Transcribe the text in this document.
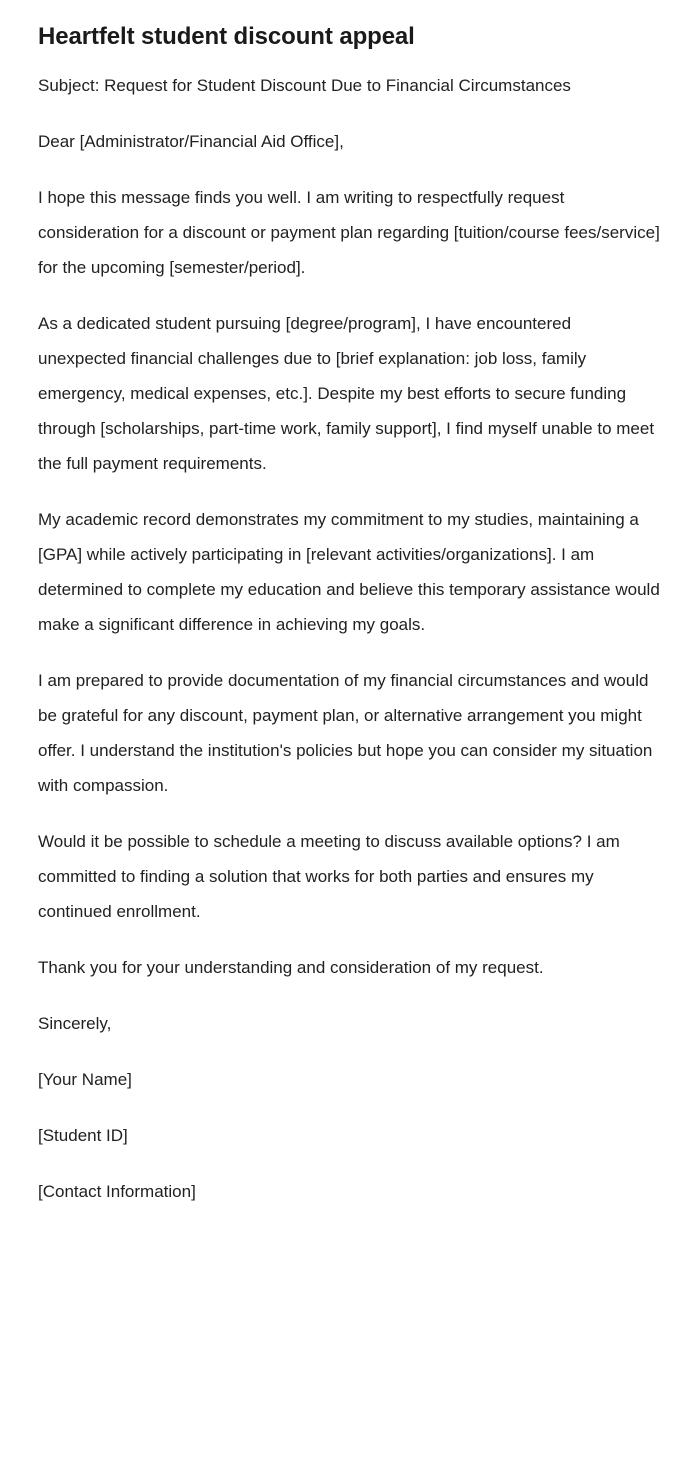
Heartfelt student discount appeal

Subject: Request for Student Discount Due to Financial Circumstances

Dear [Administrator/Financial Aid Office],

I hope this message finds you well. I am writing to respectfully request consideration for a discount or payment plan regarding [tuition/course fees/service] for the upcoming [semester/period].

As a dedicated student pursuing [degree/program], I have encountered unexpected financial challenges due to [brief explanation: job loss, family emergency, medical expenses, etc.]. Despite my best efforts to secure funding through [scholarships, part-time work, family support], I find myself unable to meet the full payment requirements.

My academic record demonstrates my commitment to my studies, maintaining a [GPA] while actively participating in [relevant activities/organizations]. I am determined to complete my education and believe this temporary assistance would make a significant difference in achieving my goals.

I am prepared to provide documentation of my financial circumstances and would be grateful for any discount, payment plan, or alternative arrangement you might offer. I understand the institution's policies but hope you can consider my situation with compassion.

Would it be possible to schedule a meeting to discuss available options? I am committed to finding a solution that works for both parties and ensures my continued enrollment.

Thank you for your understanding and consideration of my request.

Sincerely,

[Your Name]

[Student ID]

[Contact Information]
